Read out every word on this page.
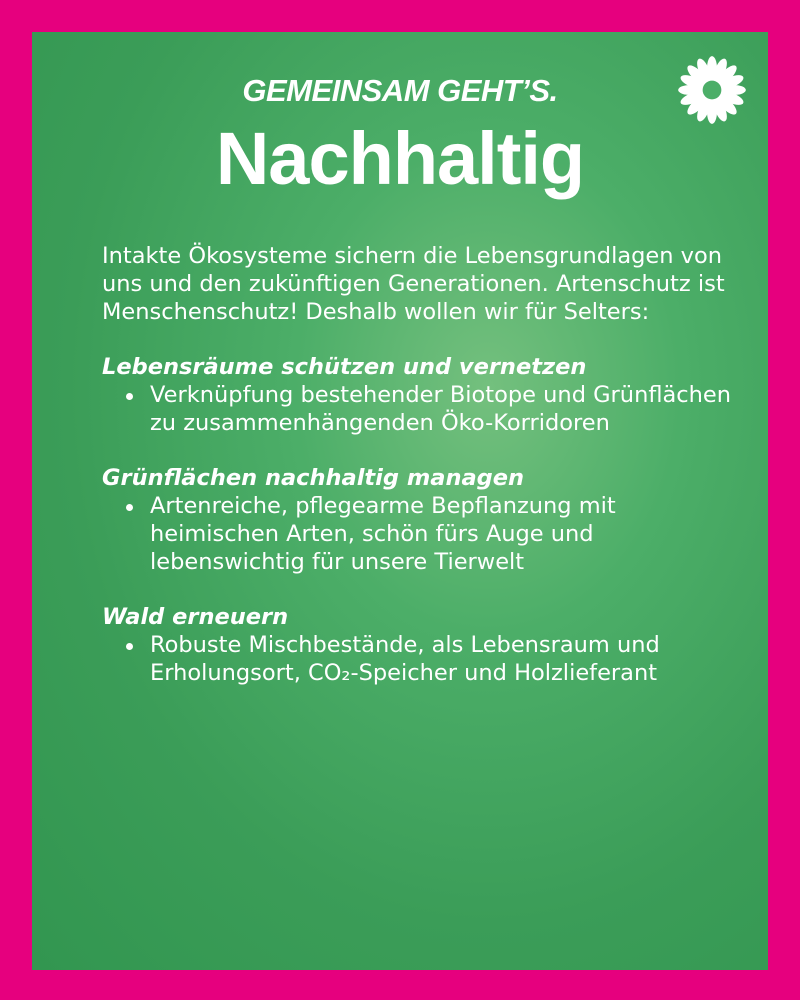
GEMEINSAM GEHT’S.
Nachhaltig

Intakte Ökosysteme sichern die Lebensgrundlagen von uns und den zukünftigen Generationen. Artenschutz ist Menschenschutz! Deshalb wollen wir für Selters:

Lebensräume schützen und vernetzen

Verknüpfung bestehender Biotope und Grünflächen zu zusammenhängenden Öko-Korridoren

Grünflächen nachhaltig managen

Artenreiche, pflegearme Bepflanzung mit heimischen Arten, schön fürs Auge und lebenswichtig für unsere Tierwelt

Wald erneuern

Robuste Mischbestände, als Lebensraum und Erholungsort, CO₂-Speicher und Holzlieferant
